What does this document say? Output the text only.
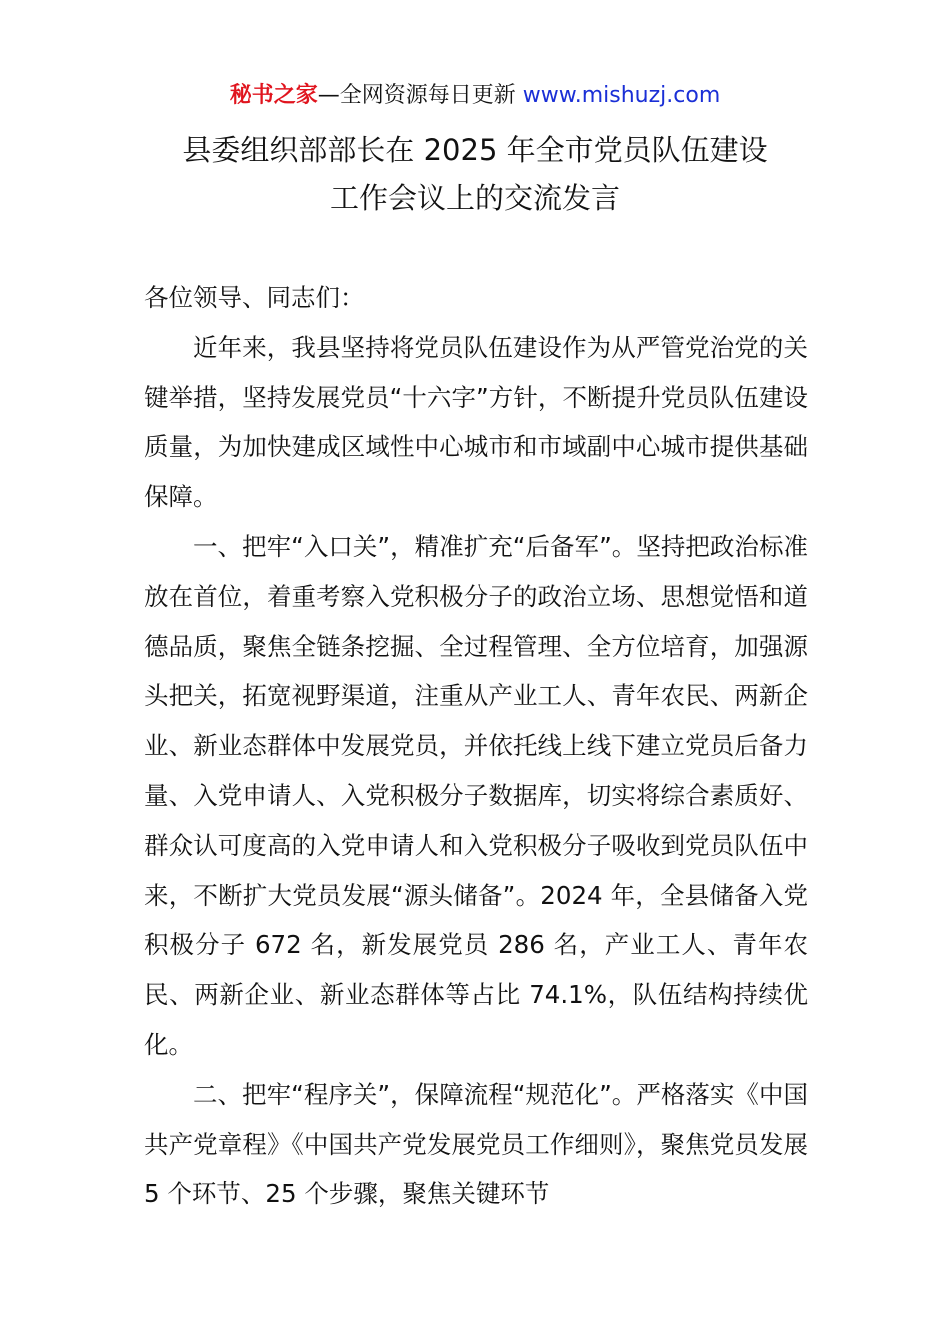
秘书之家—全网资源每日更新 www.mishuzj.com
县委组织部部长在 2025 年全市党员队伍建设
工作会议上的交流发言

各位领导、同志们：

近年来，我县坚持将党员队伍建设作为从严管党治党的关键举措，坚持发展党员“十六字”方针，不断提升党员队伍建设质量，为加快建成区域性中心城市和市域副中心城市提供基础保障。

一、把牢“入口关”，精准扩充“后备军”。坚持把政治标准放在首位，着重考察入党积极分子的政治立场、思想觉悟和道德品质，聚焦全链条挖掘、全过程管理、全方位培育，加强源头把关，拓宽视野渠道，注重从产业工人、青年农民、两新企业、新业态群体中发展党员，并依托线上线下建立党员后备力量、入党申请人、入党积极分子数据库，切实将综合素质好、群众认可度高的入党申请人和入党积极分子吸收到党员队伍中来，不断扩大党员发展“源头储备”。2024 年，全县储备入党积极分子 672 名，新发展党员 286 名，产业工人、青年农民、两新企业、新业态群体等占比 74.1%，队伍结构持续优化。

二、把牢“程序关”，保障流程“规范化”。严格落实《中国共产党章程》《中国共产党发展党员工作细则》，聚焦党员发展 5 个环节、25 个步骤，聚焦关键环节
